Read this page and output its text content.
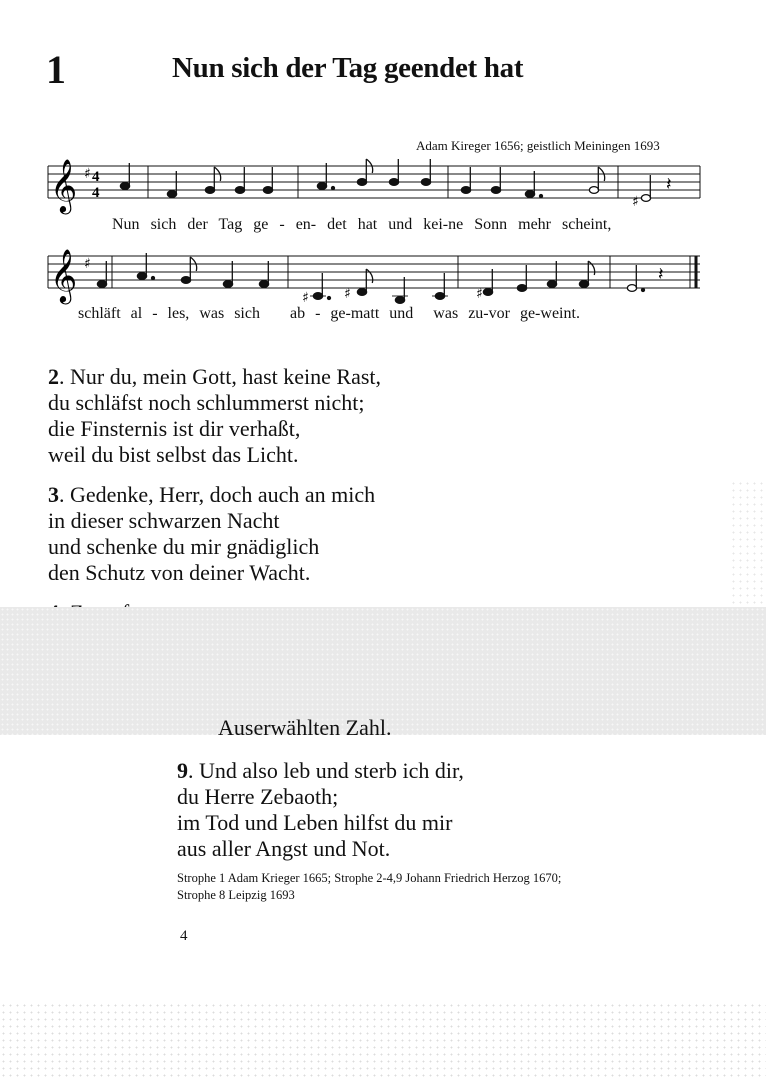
1	Nun sich der Tag geendet hat
Adam Kireger 1656; geistlich Meiningen 1693
𝄞 ♯ 4
4
♯
𝄽
Nun sich der Tag ge - en- det hat und kei-ne Sonn mehr scheint,
𝄞 ♯
♯	♯	♯
𝄽
schläft al - les, was sich ab - ge-matt und was zu-vor ge-weint.
2. Nur du, mein Gott, hast keine Rast,
du schläfst noch schlummerst nicht;
die Finsternis ist dir verhaßt,
weil du bist selbst das Licht.
3. Gedenke, Herr, doch auch an mich
in dieser schwarzen Nacht
und schenke du mir gnädiglich
den Schutz von deiner Wacht.
Auserwählten Zahl.
9. Und also leb und sterb ich dir,
du Herre Zebaoth;
im Tod und Leben hilfst du mir
aus aller Angst und Not.
Strophe 1 Adam Krieger 1665; Strophe 2-4,9 Johann Friedrich Herzog 1670;
Strophe 8 Leipzig 1693
4
